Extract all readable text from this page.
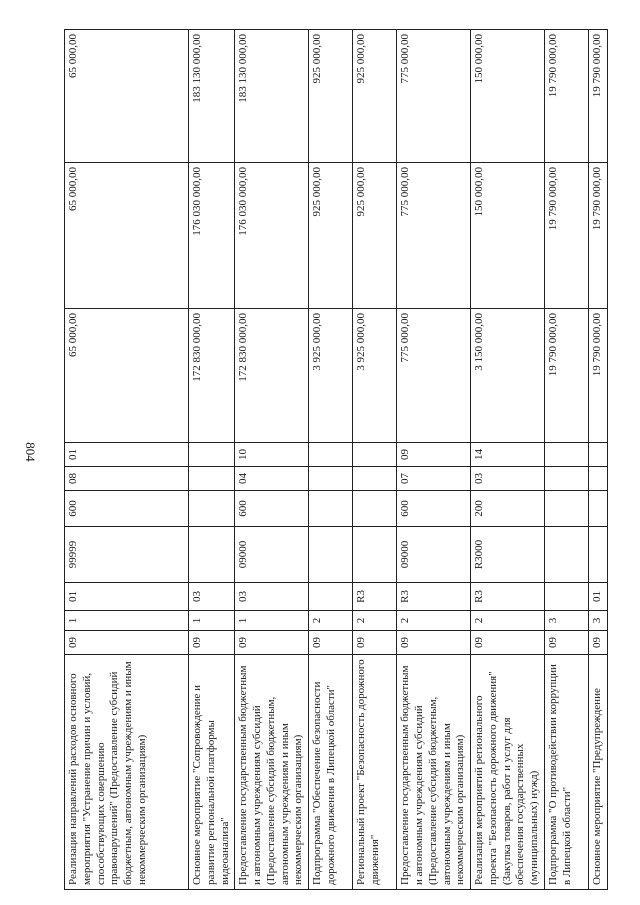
804
Реализация направлений расходов основного мероприятия "Устранение причин и условий, способствующих совершению правонарушений" (Предоставление субсидий бюджетным, автономным учреждениям и иным некоммерческим организациям)	09	1	01	99999	600	08	01	65 000,00	65 000,00	65 000,00
Основное мероприятие "Сопровождение и развитие региональной платформы видеоанализа"	09	1	03					172 830 000,00	176 030 000,00	183 130 000,00
Предоставление государственным бюджетным и автономным учреждениям субсидий (Предоставление субсидий бюджетным, автономным учреждениям и иным некоммерческим организациям)	09	1	03	09000	600	04	10	172 830 000,00	176 030 000,00	183 130 000,00
Подпрограмма "Обеспечение безопасности дорожного движения в Липецкой области"	09	2						3 925 000,00	925 000,00	925 000,00
Региональный проект "Безопасность дорожного движения"	09	2	R3					3 925 000,00	925 000,00	925 000,00
Предоставление государственным бюджетным и автономным учреждениям субсидий (Предоставление субсидий бюджетным, автономным учреждениям и иным некоммерческим организациям)	09	2	R3	09000	600	07	09	775 000,00	775 000,00	775 000,00
Реализация мероприятий регионального проекта "Безопасность дорожного движения" (Закупка товаров, работ и услуг для обеспечения государственных (муниципальных) нужд)	09	2	R3	R3000	200	03	14	3 150 000,00	150 000,00	150 000,00
Подпрограмма "О противодействии коррупции в Липецкой области"	09	3						19 790 000,00	19 790 000,00	19 790 000,00
Основное мероприятие "Предупреждение	09	3	01					19 790 000,00	19 790 000,00	19 790 000,00
